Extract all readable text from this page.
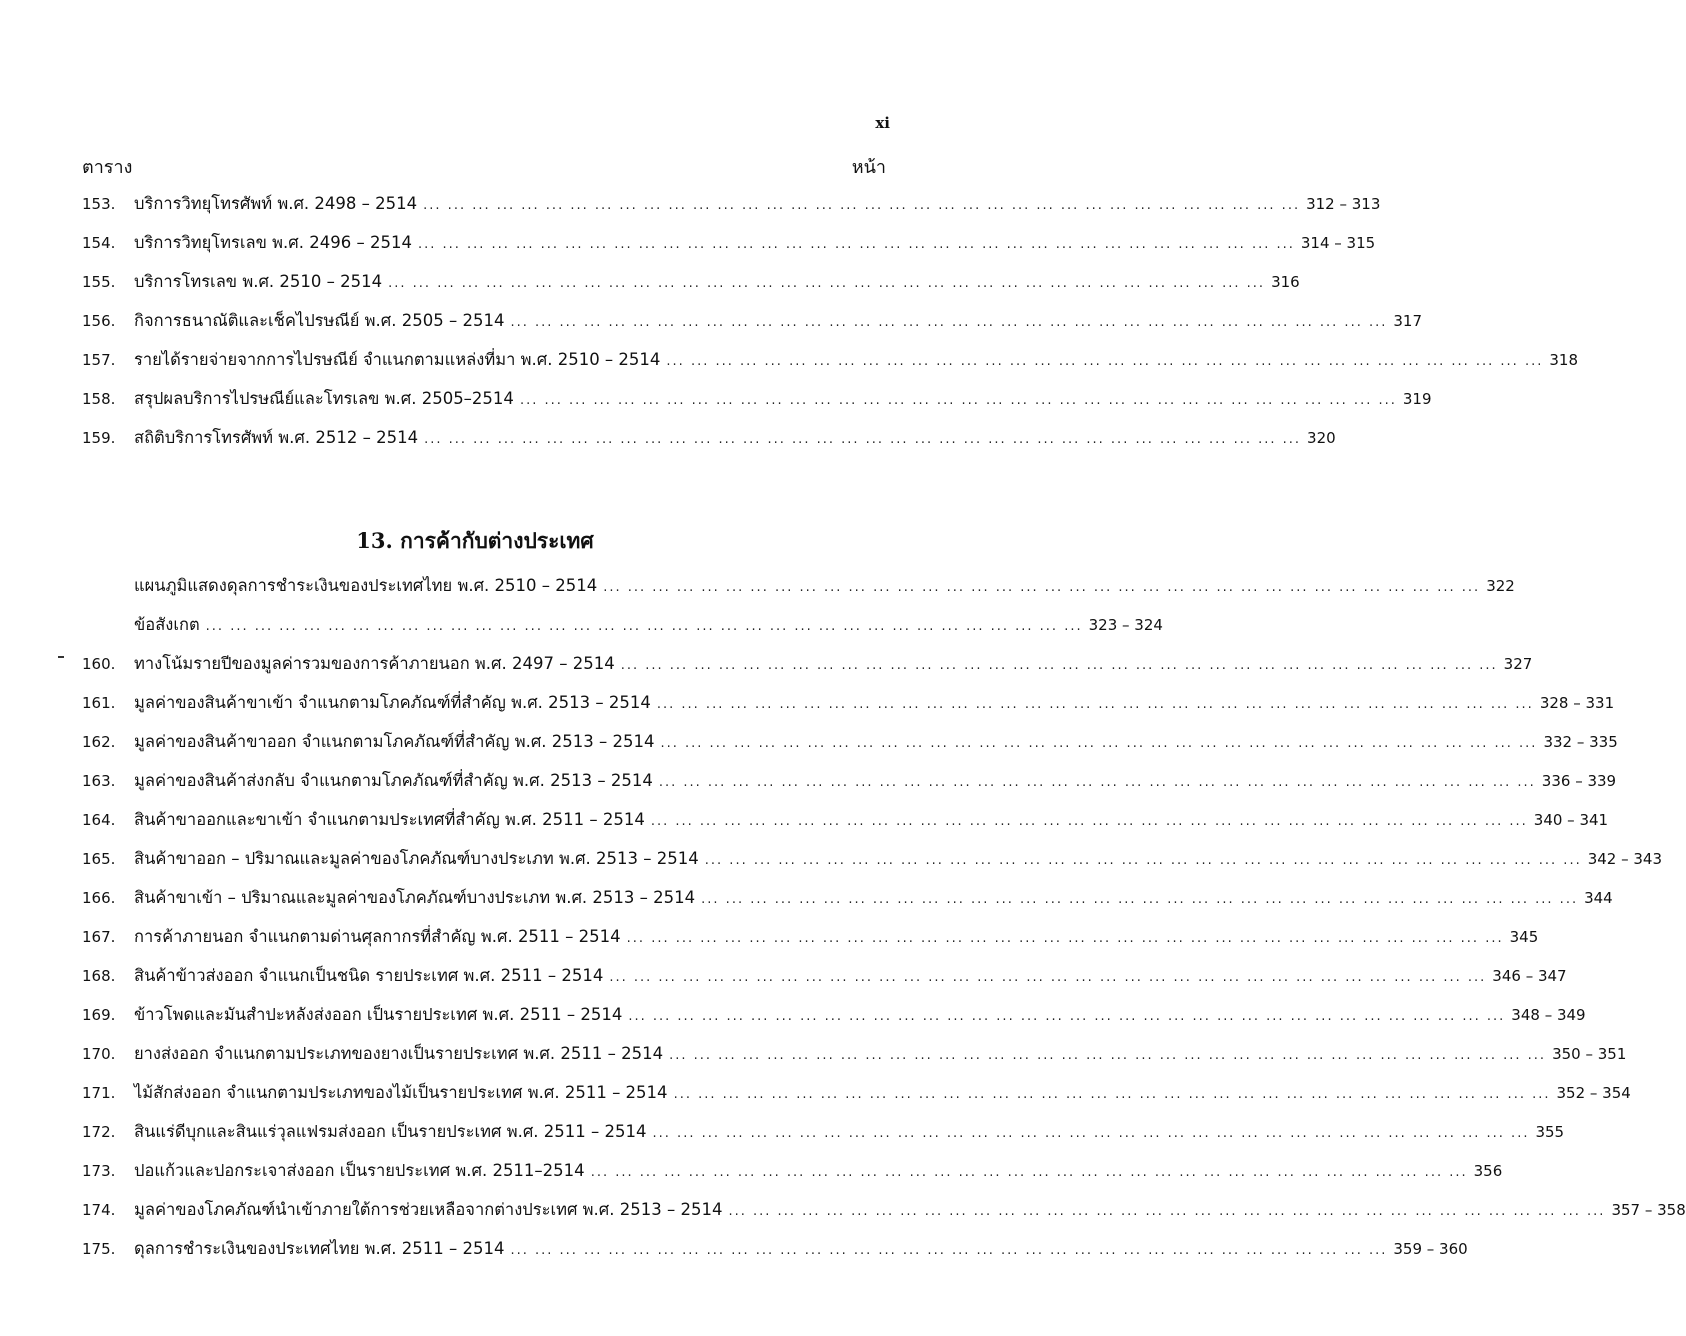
xi
ตาราง	หน้า
153.	บริการวิทยุโทรศัพท์ พ.ศ. 2498 – 2514 ... .	312 – 313
154.	บริการวิทยุโทรเลข พ.ศ. 2496 – 2514 ... .	314 – 315
155.	บริการโทรเลข พ.ศ. 2510 – 2514 ... .	316
156.	กิจการธนาณัติและเช็คไปรษณีย์ พ.ศ. 2505 – 2514 ... .	317
157.	รายได้รายจ่ายจากการไปรษณีย์ จำแนกตามแหล่งที่มา พ.ศ. 2510 – 2514 ... .	318
158.	สรุปผลบริการไปรษณีย์และโทรเลข พ.ศ. 2505–2514 ... .	319
159.	สถิติบริการโทรศัพท์ พ.ศ. 2512 – 2514 ... .	320
13. การค้ากับต่างประเทศ
แผนภูมิแสดงดุลการชำระเงินของประเทศไทย พ.ศ. 2510 – 2514 ... .	322
ข้อสังเกต ... .	323 – 324
160.	ทางโน้มรายปีของมูลค่ารวมของการค้าภายนอก พ.ศ. 2497 – 2514 ... .	327
161.	มูลค่าของสินค้าขาเข้า จำแนกตามโภคภัณฑ์ที่สำคัญ พ.ศ. 2513 – 2514 ... .	328 – 331
162.	มูลค่าของสินค้าขาออก จำแนกตามโภคภัณฑ์ที่สำคัญ พ.ศ. 2513 – 2514 ... .	332 – 335
163.	มูลค่าของสินค้าส่งกลับ จำแนกตามโภคภัณฑ์ที่สำคัญ พ.ศ. 2513 – 2514 ... .	336 – 339
164.	สินค้าขาออกและขาเข้า จำแนกตามประเทศที่สำคัญ พ.ศ. 2511 – 2514 ... .	340 – 341
165.	สินค้าขาออก – ปริมาณและมูลค่าของโภคภัณฑ์บางประเภท พ.ศ. 2513 – 2514 ... .	342 – 343
166.	สินค้าขาเข้า – ปริมาณและมูลค่าของโภคภัณฑ์บางประเภท พ.ศ. 2513 – 2514 ... .	344
167.	การค้าภายนอก จำแนกตามด่านศุลกากรที่สำคัญ พ.ศ. 2511 – 2514 ... .	345
168.	สินค้าข้าวส่งออก จำแนกเป็นชนิด รายประเทศ พ.ศ. 2511 – 2514 ... .	346 – 347
169.	ข้าวโพดและมันสำปะหลังส่งออก เป็นรายประเทศ พ.ศ. 2511 – 2514 ... .	348 – 349
170.	ยางส่งออก จำแนกตามประเภทของยางเป็นรายประเทศ พ.ศ. 2511 – 2514 ... .	350 – 351
171.	ไม้สักส่งออก จำแนกตามประเภทของไม้เป็นรายประเทศ พ.ศ. 2511 – 2514 ... .	352 – 354
172.	สินแร่ดีบุกและสินแร่วุลแฟรมส่งออก เป็นรายประเทศ พ.ศ. 2511 – 2514 ... .	355
173.	ปอแก้วและปอกระเจาส่งออก เป็นรายประเทศ พ.ศ. 2511–2514 ... .	356
174.	มูลค่าของโภคภัณฑ์นำเข้าภายใต้การช่วยเหลือจากต่างประเทศ พ.ศ. 2513 – 2514 ... .	357 – 358
175.	ดุลการชำระเงินของประเทศไทย พ.ศ. 2511 – 2514 ... .	359 – 360
